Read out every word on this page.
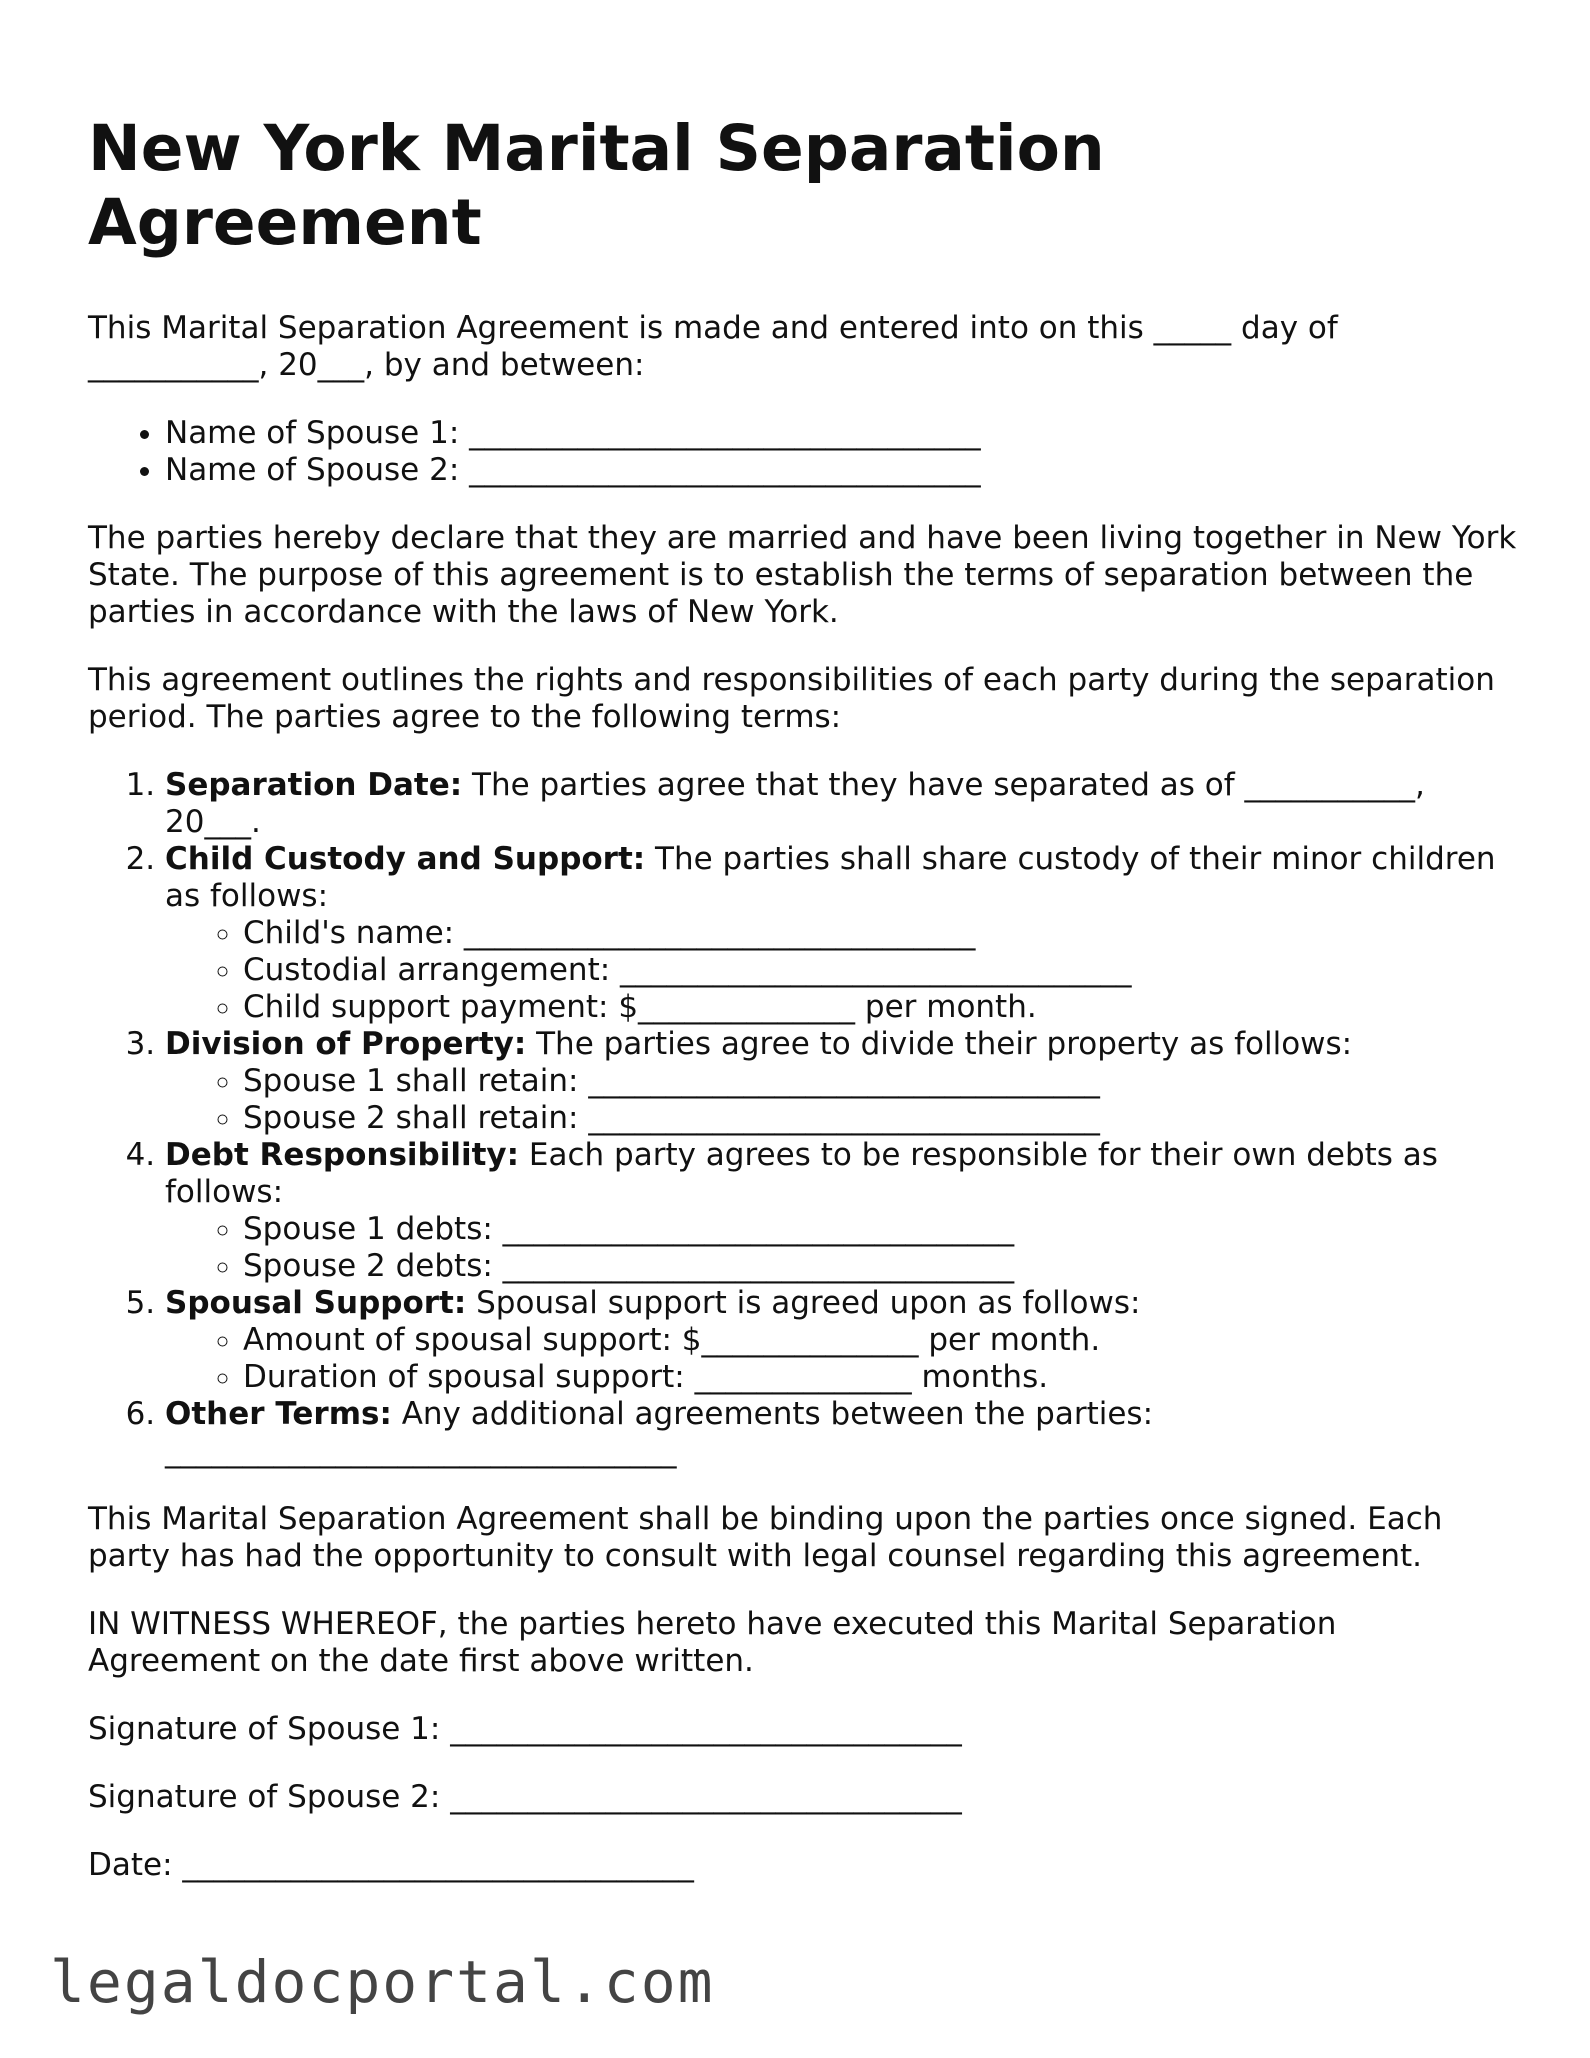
New York Marital Separation Agreement

This Marital Separation Agreement is made and entered into on this _____ day of ___________, 20___, by and between:

• Name of Spouse 1: _________________________________
• Name of Spouse 2: _________________________________

The parties hereby declare that they are married and have been living together in New York State. The purpose of this agreement is to establish the terms of separation between the parties in accordance with the laws of New York.

This agreement outlines the rights and responsibilities of each party during the separation period. The parties agree to the following terms:

1. Separation Date: The parties agree that they have separated as of ___________, 20___.
2. Child Custody and Support: The parties shall share custody of their minor children as follows:
◦ Child's name: _________________________________
◦ Custodial arrangement: _________________________________
◦ Child support payment: $______________ per month.
3. Division of Property: The parties agree to divide their property as follows:
◦ Spouse 1 shall retain: _________________________________
◦ Spouse 2 shall retain: _________________________________
4. Debt Responsibility: Each party agrees to be responsible for their own debts as follows:
◦ Spouse 1 debts: _________________________________
◦ Spouse 2 debts: _________________________________
5. Spousal Support: Spousal support is agreed upon as follows:
◦ Amount of spousal support: $______________ per month.
◦ Duration of spousal support: ______________ months.
6. Other Terms: Any additional agreements between the parties: _________________________________

This Marital Separation Agreement shall be binding upon the parties once signed. Each party has had the opportunity to consult with legal counsel regarding this agreement.

IN WITNESS WHEREOF, the parties hereto have executed this Marital Separation Agreement on the date first above written.

Signature of Spouse 1: _________________________________
Signature of Spouse 2: _________________________________
Date: _________________________________
legaldocportal.com
